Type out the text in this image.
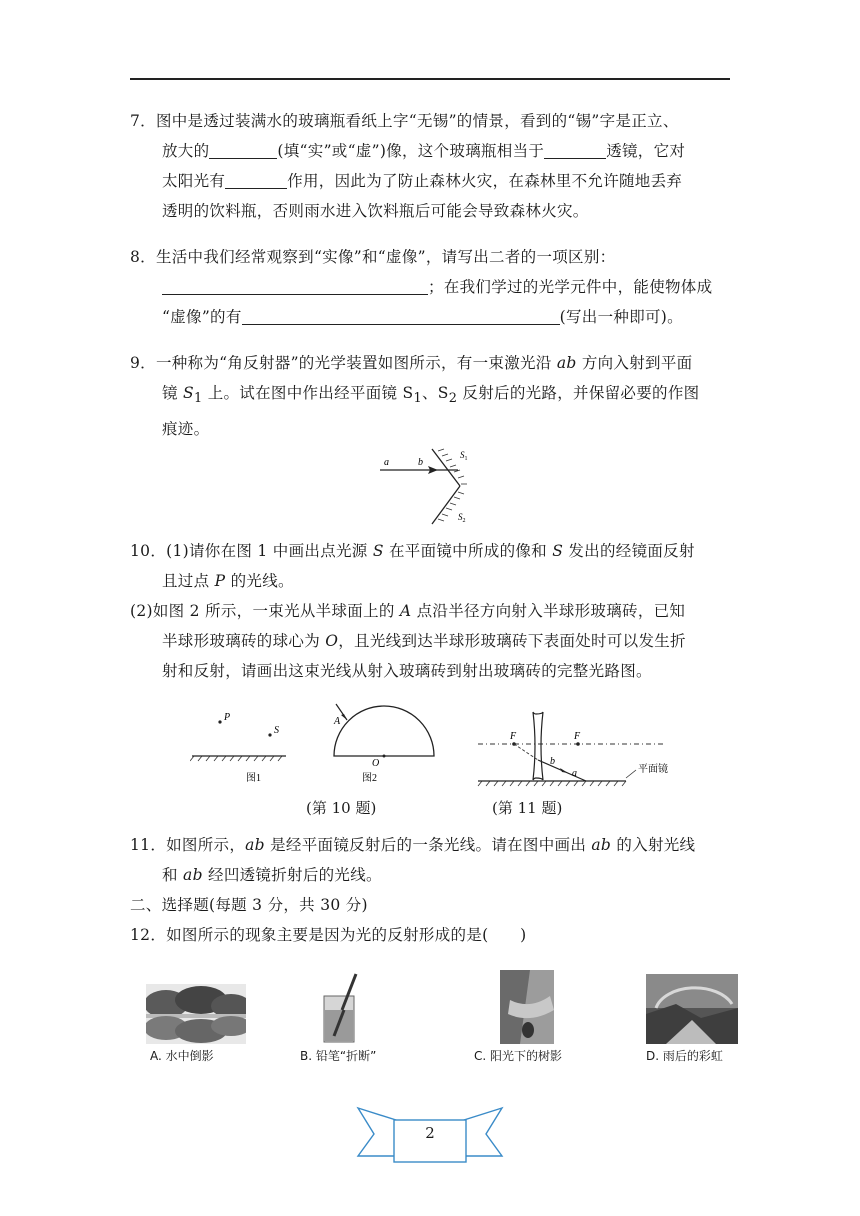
7．图中是透过装满水的玻璃瓶看纸上字“无锡”的情景，看到的“锡”字是正立、

放大的	(填“实”或“虚”)像，这个玻璃瓶相当于	透镜，它对

太阳光有	作用，因此为了防止森林火灾，在森林里不允许随地丢弃

透明的饮料瓶，否则雨水进入饮料瓶后可能会导致森林火灾。

8．生活中我们经常观察到“实像”和“虚像”，请写出二者的一项区别：

；在我们学过的光学元件中，能使物体成

“虚像”的有	(写出一种即可)。

9．一种称为“角反射器”的光学装置如图所示，有一束激光沿 ab 方向入射到平面

镜 $S_1$ 上。试在图中作出经平面镜 $S_1$、$S_2$ 反射后的光路，并保留必要的作图

痕迹。

a	b
$S_1$
$S_2$

10．(1)请你在图 1 中画出点光源 S 在平面镜中所成的像和 S 发出的经镜面反射

且过点 P 的光线。

(2)如图 2 所示，一束光从半球面上的 A 点沿半径方向射入半球形玻璃砖，已知

半球形玻璃砖的球心为 O，且光线到达半球形玻璃砖下表面处时可以发生折

射和反射，请画出这束光线从射入玻璃砖到射出玻璃砖的完整光路图。

P
S
图1
A
O
图2
F	F
b
a	平面镜
(第 10 题)	(第 11 题)

11．如图所示，ab 是经平面镜反射后的一条光线。请在图中画出 ab 的入射光线

和 ab 经凹透镜折射后的光线。

二、选择题(每题 3 分，共 30 分)

12．如图所示的现象主要是因为光的反射形成的是(　　)

A. 水中倒影	B. 铅笔“折断”	C. 阳光下的树影	D. 雨后的彩虹
2
